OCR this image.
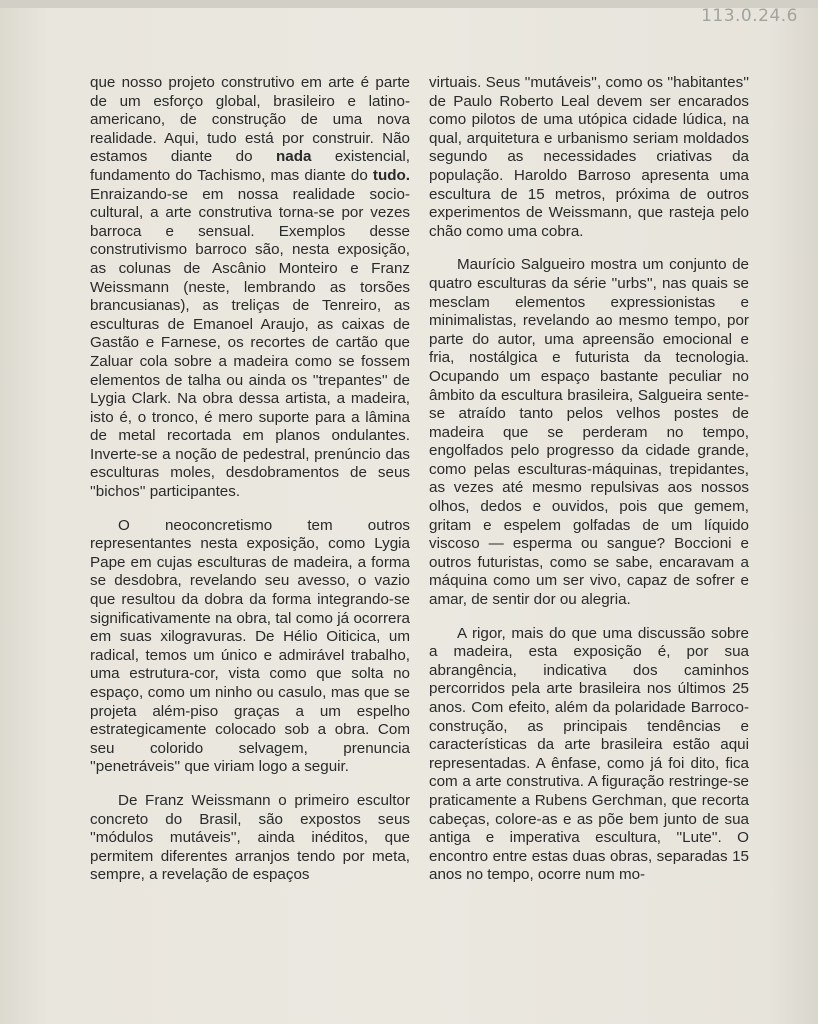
113.0.24.6

que nosso projeto construtivo em arte é parte de um esforço global, brasileiro e latino-americano, de construção de uma nova realidade. Aqui, tudo está por construir. Não estamos diante do nada existencial, fundamento do Tachismo, mas diante do tudo. Enraizando-se em nossa realidade socio-cultural, a arte construtiva torna-se por vezes barroca e sensual. Exemplos desse construtivismo barroco são, nesta exposição, as colunas de Ascânio Monteiro e Franz Weissmann (neste, lembrando as torsões brancusianas), as treliças de Tenreiro, as esculturas de Emanoel Araujo, as caixas de Gastão e Farnese, os recortes de cartão que Zaluar cola sobre a madeira como se fossem elementos de talha ou ainda os ''trepantes'' de Lygia Clark. Na obra dessa artista, a madeira, isto é, o tronco, é mero suporte para a lâmina de metal recortada em planos ondulantes. Inverte-se a noção de pedestral, prenúncio das esculturas moles, desdobramentos de seus ''bichos'' participantes.

O neoconcretismo tem outros representantes nesta exposição, como Lygia Pape em cujas esculturas de madeira, a forma se desdobra, revelando seu avesso, o vazio que resultou da dobra da forma integrando-se significativamente na obra, tal como já ocorrera em suas xilogravuras. De Hélio Oiticica, um radical, temos um único e admirável trabalho, uma estrutura-cor, vista como que solta no espaço, como um ninho ou casulo, mas que se projeta além-piso graças a um espelho estrategicamente colocado sob a obra. Com seu colorido selvagem, prenuncia ''penetráveis'' que viriam logo a seguir.

De Franz Weissmann o primeiro escultor concreto do Brasil, são expostos seus ''módulos mutáveis'', ainda inéditos, que permitem diferentes arranjos tendo por meta, sempre, a revelação de espaços

virtuais. Seus ''mutáveis'', como os ''habitantes'' de Paulo Roberto Leal devem ser encarados como pilotos de uma utópica cidade lúdica, na qual, arquitetura e urbanismo seriam moldados segundo as necessidades criativas da população. Haroldo Barroso apresenta uma escultura de 15 metros, próxima de outros experimentos de Weissmann, que rasteja pelo chão como uma cobra.

Maurício Salgueiro mostra um conjunto de quatro esculturas da série ''urbs'', nas quais se mesclam elementos expressionistas e minimalistas, revelando ao mesmo tempo, por parte do autor, uma apreensão emocional e fria, nostálgica e futurista da tecnologia. Ocupando um espaço bastante peculiar no âmbito da escultura brasileira, Salgueira sente-se atraído tanto pelos velhos postes de madeira que se perderam no tempo, engolfados pelo progresso da cidade grande, como pelas esculturas-máquinas, trepidantes, as vezes até mesmo repulsivas aos nossos olhos, dedos e ouvidos, pois que gemem, gritam e espelem golfadas de um líquido viscoso — esperma ou sangue? Boccioni e outros futuristas, como se sabe, encaravam a máquina como um ser vivo, capaz de sofrer e amar, de sentir dor ou alegria.

A rigor, mais do que uma discussão sobre a madeira, esta exposição é, por sua abrangência, indicativa dos caminhos percorridos pela arte brasileira nos últimos 25 anos. Com efeito, além da polaridade Barroco-construção, as principais tendências e características da arte brasileira estão aqui representadas. A ênfase, como já foi dito, fica com a arte construtiva. A figuração restringe-se praticamente a Rubens Gerchman, que recorta cabeças, colore-as e as põe bem junto de sua antiga e imperativa escultura, ''Lute''. O encontro entre estas duas obras, separadas 15 anos no tempo, ocorre num mo-
